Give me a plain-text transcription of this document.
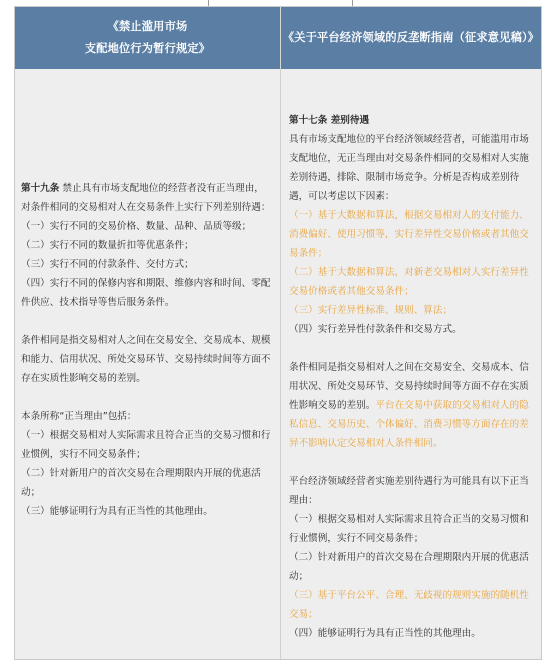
《禁止滥用市场
支配地位行为暂行规定》
《关于平台经济领域的反垄断指南（征求意见稿）》

第十九条 禁止具有市场支配地位的经营者没有正当理由，对条件相同的交易相对人在交易条件上实行下列差别待遇：

（一）实行不同的交易价格、数量、品种、品质等级；

（二）实行不同的数量折扣等优惠条件；

（三）实行不同的付款条件、交付方式；

（四）实行不同的保修内容和期限、维修内容和时间、零配件供应、技术指导等售后服务条件。

条件相同是指交易相对人之间在交易安全、交易成本、规模和能力、信用状况、所处交易环节、交易持续时间等方面不存在实质性影响交易的差别。

本条所称“正当理由”包括：

（一）根据交易相对人实际需求且符合正当的交易习惯和行业惯例，实行不同交易条件；

（二）针对新用户的首次交易在合理期限内开展的优惠活动；

（三）能够证明行为具有正当性的其他理由。

第十七条 差别待遇

具有市场支配地位的平台经济领域经营者，可能滥用市场支配地位，无正当理由对交易条件相同的交易相对人实施差别待遇，排除、限制市场竞争。分析是否构成差别待遇，可以考虑以下因素：

（一）基于大数据和算法，根据交易相对人的支付能力、消费偏好、使用习惯等，实行差异性交易价格或者其他交易条件；

（二）基于大数据和算法，对新老交易相对人实行差异性交易价格或者其他交易条件；

（三）实行差异性标准、规则、算法；

（四）实行差异性付款条件和交易方式。

条件相同是指交易相对人之间在交易安全、交易成本、信用状况、所处交易环节、交易持续时间等方面不存在实质性影响交易的差别。平台在交易中获取的交易相对人的隐私信息、交易历史、个体偏好、消费习惯等方面存在的差异不影响认定交易相对人条件相同。

平台经济领域经营者实施差别待遇行为可能具有以下正当理由：

（一）根据交易相对人实际需求且符合正当的交易习惯和行业惯例，实行不同交易条件；

（二）针对新用户的首次交易在合理期限内开展的优惠活动；

（三）基于平台公平、合理、无歧视的规则实施的随机性交易；

（四）能够证明行为具有正当性的其他理由。
